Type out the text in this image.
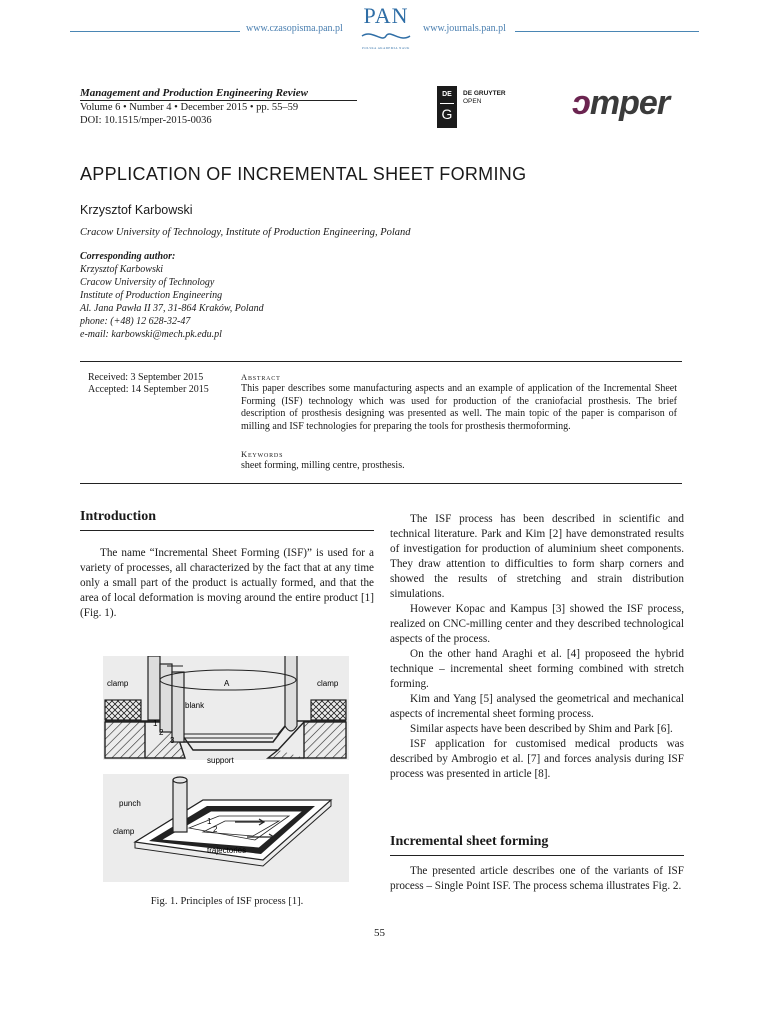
www.czasopisma.pan.pl
PAN
POLSKA AKADEMIA NAUK
www.journals.pan.pl
Management and Production Engineering Review
Volume 6 • Number 4 • December 2015 • pp. 55–59
DOI: 10.1515/mper-2015-0036
DE
G
DE GRUYTER
OPEN	ɔmper
APPLICATION OF INCREMENTAL SHEET FORMING
Krzysztof Karbowski
Cracow University of Technology, Institute of Production Engineering, Poland
Corresponding author:
Krzysztof Karbowski
Cracow University of Technology
Institute of Production Engineering
Al. Jana Pawła II 37, 31-864 Kraków, Poland
phone: (+48) 12 628-32-47
e-mail: karbowski@mech.pk.edu.pl
Received: 3 September 2015
Accepted: 14 September 2015
Abstract
This paper describes some manufacturing aspects and an example of application of the Incremental Sheet Forming (ISF) technology which was used for production of the craniofacial prosthesis. The brief description of prosthesis designing was presented as well. The main topic of the paper is comparison of milling and ISF technologies for preparing the tools for prosthesis thermoforming.
Keywords
sheet forming, milling centre, prosthesis.
Introduction

The name “Incremental Sheet Forming (ISF)” is used for a variety of processes, all characterized by the fact that at any time only a small part of the product is actually formed, and that the area of local deformation is moving around the entire product [1] (Fig. 1).

clamp	clamp
A
blank
1
2
3
support
punch
clamp
1
2
trajectories
Fig. 1. Principles of ISF process [1].

The ISF process has been described in scientific and technical literature. Park and Kim [2] have demonstrated results of investigation for production of aluminium sheet components. They draw attention to difficulties to form sharp corners and showed the results of stretching and strain distribution simulations.

However Kopac and Kampus [3] showed the ISF process, realized on CNC-milling center and they described technological aspects of the process.

On the other hand Araghi et al. [4] proposeed the hybrid technique – incremental sheet forming combined with stretch forming.

Kim and Yang [5] analysed the geometrical and mechanical aspects of incremental sheet forming process.

Similar aspects have been described by Shim and Park [6].

ISF application for customised medical products was described by Ambrogio et al. [7] and forces analysis during ISF process was presented in article [8].

Incremental sheet forming

The presented article describes one of the variants of ISF process – Single Point ISF. The process schema illustrates Fig. 2.

55
